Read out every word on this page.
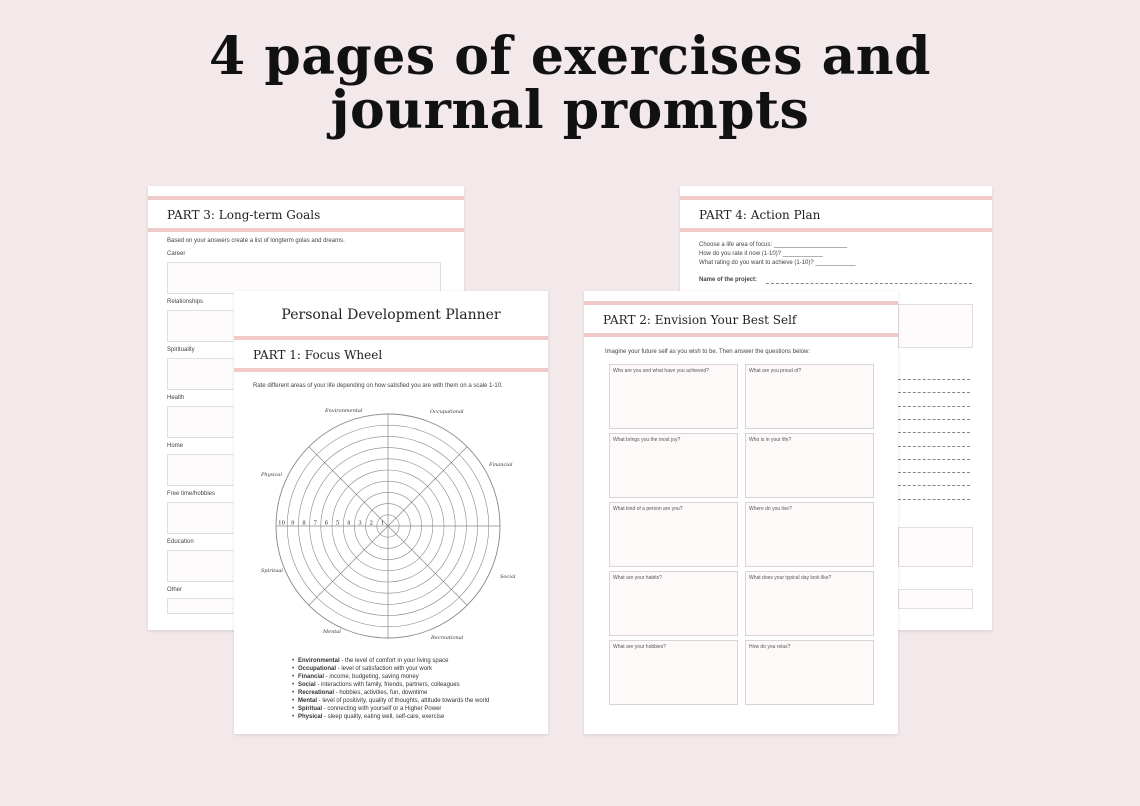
4 pages of exercises and
journal prompts
PART 3: Long-term Goals
Based on your answers create a list of longterm golas and dreams.
Career
Relationships
Spirituality
Health
Home
Free time/hobbies
Education
Other
PART 4: Action Plan
Choose a life area of focus: ______________________
How do you rate it now (1-10)? ____________
What rating do you want to achieve (1-10)? ____________
Name of the project:
Personal Development Planner
PART 1: Focus Wheel
Rate different areas of your life depending on how satisfied you are with them on a scale 1-10.
10 9 8 7 6 5 4 3 2 1
Environmental	Occupational
Financial
Social
Recreational
Mental
Spiritual
Physical
• Environmental - the level of comfort in your living space
• Occupational - level of satisfaction with your work
• Financial - income, budgeting, saving money
• Social - interactions with family, friends, partners, colleagues
• Recreational - hobbies, activities, fun, downtime
• Mental - level of positivity, quality of thoughts, attitude towards the world
• Spiritual - connecting with yourself or a Higher Power
• Physical - sleep quality, eating well, self-care, exercise
PART 2: Envision Your Best Self
Imagine your future self as you wish to be. Then answer the questions below:
Who are you and what have you achieved?	What are you proud of?
What brings you the most joy?	Who is in your life?
What kind of a person are you?	Where do you live?
What are your habits?	What does your typical day look like?
What are your hobbies?	How do you relax?
